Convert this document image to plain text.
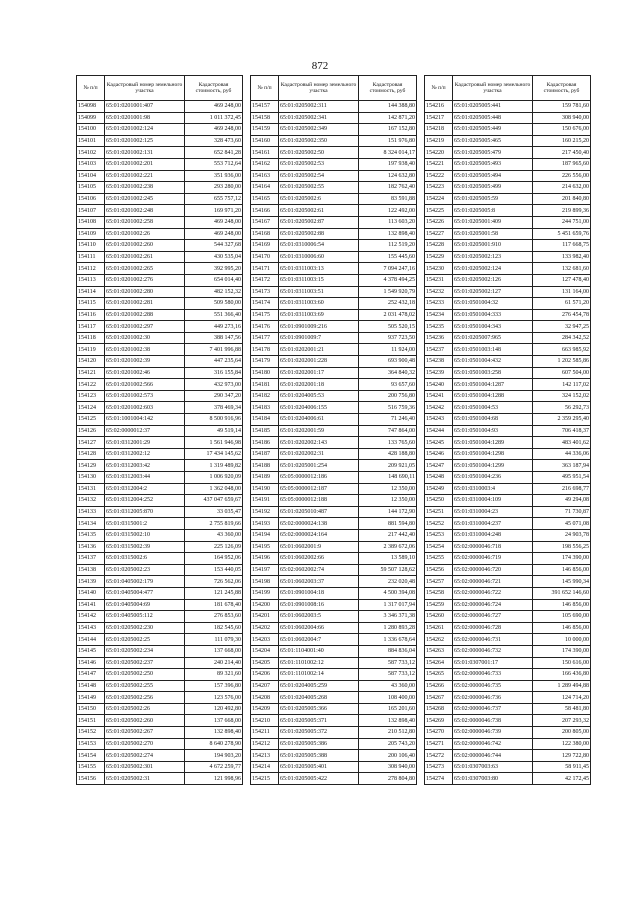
872
№ п/п	Кадастровый номер земельного участка	Кадастровая стоимость, руб
154098	65:01:0201001:407	469 248,00
154099	65:01:0201001:98	1 011 372,45
154100	65:01:0201002:124	469 248,00
154101	65:01:0201002:125	328 473,60
154102	65:01:0201002:131	652 841,28
154103	65:01:0201002:201	553 712,64
154104	65:01:0201002:221	351 936,00
154105	65:01:0201002:238	293 280,00
154106	65:01:0201002:245	655 757,12
154107	65:01:0201002:248	169 971,20
154108	65:01:0201002:258	469 248,00
154109	65:01:0201002:26	469 248,00
154110	65:01:0201002:260	544 327,68
154111	65:01:0201002:261	430 535,04
154112	65:01:0201002:265	392 995,20
154113	65:01:0201002:276	654 014,40
154114	65:01:0201002:280	482 152,32
154115	65:01:0201002:281	509 580,00
154116	65:01:0201002:288	551 366,40
154117	65:01:0201002:297	449 273,16
154118	65:01:0201002:30	388 147,56
154119	65:01:0201002:38	7 401 996,88
154120	65:01:0201002:39	447 235,64
154121	65:01:0201002:46	316 155,84
154122	65:01:0201002:566	432 973,00
154123	65:01:0201002:573	290 347,20
154124	65:01:0201002:603	378 469,34
154125	65:01:1001004:142	8 500 916,96
154126	65:02:0000012:37	49 519,14
154127	65:01:0312001:29	1 561 946,98
154128	65:01:0312002:12	17 434 145,62
154129	65:01:0312003:42	1 319 489,82
154130	65:01:0312003:44	1 006 920,09
154131	65:01:0312004:2	1 362 048,00
154132	65:01:0312004:252	437 047 659,67
154133	65:01:0312005:870	33 035,47
154134	65:01:0315001:2	2 755 819,66
154135	65:01:0315002:10	43 360,00
154136	65:01:0315002:39	225 126,09
154137	65:01:0315002:6	164 952,06
154138	65:01:0205002:23	153 440,05
154139	65:01:0405002:179	726 562,06
154140	65:01:0405004:477	121 245,88
154141	65:01:0405004:69	181 678,40
154142	65:01:0405005:112	276 853,60
154143	65:01:0205002:230	182 545,60
154144	65:01:0205002:25	111 079,30
154145	65:01:0205002:234	137 668,00
154146	65:01:0205002:237	240 214,40
154147	65:01:0205002:250	89 321,60
154148	65:01:0205002:255	157 396,80
154149	65:01:0205002:256	123 576,00
154150	65:01:0205002:26	120 492,80
154151	65:01:0205002:260	137 668,00
154152	65:01:0205002:267	132 898,40
154153	65:01:0205002:270	8 640 278,90
154154	65:01:0205002:274	194 903,20
154155	65:01:0205002:301	4 672 259,77
154156	65:01:0205002:31	121 998,96
№ п/п	Кадастровый номер земельного участка	Кадастровая стоимость, руб
154157	65:01:0205002:311	144 388,80
154158	65:01:0205002:341	142 871,20
154159	65:01:0205002:349	167 152,80
154160	65:01:0205002:350	151 976,80
154161	65:01:0205002:50	8 324 014,17
154162	65:01:0205002:53	197 938,40
154163	65:01:0205002:54	124 632,80
154164	65:01:0205002:55	182 762,40
154165	65:01:0205002:6	83 591,88
154166	65:01:0205002:61	122 492,00
154167	65:01:0205002:87	113 603,20
154168	65:01:0205002:88	132 898,40
154169	65:01:0310006:54	112 519,20
154170	65:01:0310006:60	155 445,60
154171	65:01:0311003:13	7 094 247,16
154172	65:01:0311003:15	4 378 494,25
154173	65:01:0311003:51	1 549 920,79
154174	65:01:0311003:60	252 432,18
154175	65:01:0311003:69	2 031 478,02
154176	65:01:0901009:216	505 520,15
154177	65:01:0901009:7	937 723,50
154178	65:01:0202001:21	11 924,00
154179	65:01:0202001:228	693 900,48
154180	65:01:0202001:17	364 840,32
154181	65:01:0202001:18	93 657,60
154182	65:01:0204005:53	200 756,80
154183	65:01:0204006:155	516 759,36
154184	65:01:0204006:61	71 246,40
154185	65:01:0202001:59	747 864,00
154186	65:01:0202002:143	133 765,60
154187	65:01:0202002:31	428 188,80
154188	65:01:0205001:254	209 921,05
154189	65:05:0000012:186	148 690,11
154190	65:05:0000012:187	12 350,00
154191	65:05:0000012:188	12 350,00
154192	65:01:0205010:487	144 172,90
154193	65:02:0000024:138	881 594,80
154194	65:02:0000024:164	217 442,40
154195	65:01:0602001:9	2 389 672,06
154196	65:01:0602002:66	13 589,10
154197	65:02:0602002:74	59 507 128,62
154198	65:01:0602003:37	232 020,48
154199	65:01:0901004:18	4 500 394,08
154200	65:01:0901008:16	1 317 017,94
154201	65:01:0602003:5	3 346 371,38
154202	65:01:0602004:66	1 280 893,28
154203	65:01:0602004:7	1 336 678,64
154204	65:01:1104001:40	884 836,04
154205	65:01:1101002:12	587 733,12
154206	65:01:1101002:14	587 733,12
154207	65:01:0204005:259	43 360,00
154208	65:01:0204005:268	108 400,00
154209	65:01:0205005:366	165 201,60
154210	65:01:0205005:371	132 898,40
154211	65:01:0205005:372	210 512,80
154212	65:01:0205005:386	205 743,20
154213	65:01:0205005:388	200 106,40
154214	65:01:0205005:401	308 940,00
154215	65:01:0205005:422	278 804,80
№ п/п	Кадастровый номер земельного участка	Кадастровая стоимость, руб
154216	65:01:0205005:441	159 781,60
154217	65:01:0205005:448	308 940,00
154218	65:01:0205005:449	150 676,00
154219	65:01:0205005:465	160 215,20
154220	65:01:0205005:479	217 450,40
154221	65:01:0205005:493	187 965,60
154222	65:01:0205005:494	226 556,00
154223	65:01:0205005:499	214 632,00
154224	65:01:0205005:59	201 840,80
154225	65:01:0205005:8	219 899,36
154226	65:01:0205001:409	244 751,00
154227	65:01:0205001:58	5 451 659,76
154228	65:01:0205001:910	117 668,75
154229	65:01:0205002:123	133 982,40
154230	65:01:0205002:124	132 681,60
154231	65:01:0205002:126	127 478,40
154232	65:01:0205002:127	131 164,00
154233	65:01:0501004:32	61 571,20
154234	65:01:0501004:333	276 454,78
154235	65:01:0501004:343	32 947,25
154236	65:01:0205007:965	284 342,52
154237	65:01:0501003:148	663 985,92
154238	65:01:0501004:432	1 202 585,86
154239	65:01:0501003:258	607 504,00
154240	65:01:0501004:1287	142 117,02
154241	65:01:0501004:1288	324 152,02
154242	65:01:0501004:53	56 292,73
154243	65:01:0501004:68	2 359 295,40
154244	65:01:0501004:93	706 418,37
154245	65:01:0501004:1289	483 401,62
154246	65:01:0501004:1298	44 336,06
154247	65:01:0501004:1299	363 187,94
154248	65:01:0501004:236	495 951,54
154249	65:01:0310003:4	216 698,77
154250	65:01:0310004:109	49 294,08
154251	65:01:0310004:23	71 730,87
154252	65:01:0310004:237	45 071,08
154253	65:01:0310004:248	24 903,78
154254	65:02:0000046:718	198 556,25
154255	65:02:0000046:719	174 390,00
154256	65:02:0000046:720	146 856,00
154257	65:02:0000046:721	145 990,34
154258	65:02:0000046:722	391 652 146,60
154259	65:02:0000046:724	146 856,00
154260	65:02:0000046:727	105 690,00
154261	65:02:0000046:728	146 856,00
154262	65:02:0000046:731	10 000,00
154263	65:02:0000046:732	174 390,00
154264	65:01:0307001:17	150 616,00
154265	65:02:0000046:733	166 436,80
154266	65:02:0000046:735	1 289 494,88
154267	65:02:0000046:736	124 714,20
154268	65:02:0000046:737	58 481,80
154269	65:02:0000046:738	207 293,32
154270	65:02:0000046:739	200 805,00
154271	65:02:0000046:742	122 380,00
154272	65:02:0000046:744	129 722,80
154273	65:01:0307003:63	58 911,45
154274	65:01:0307003:80	42 172,45
